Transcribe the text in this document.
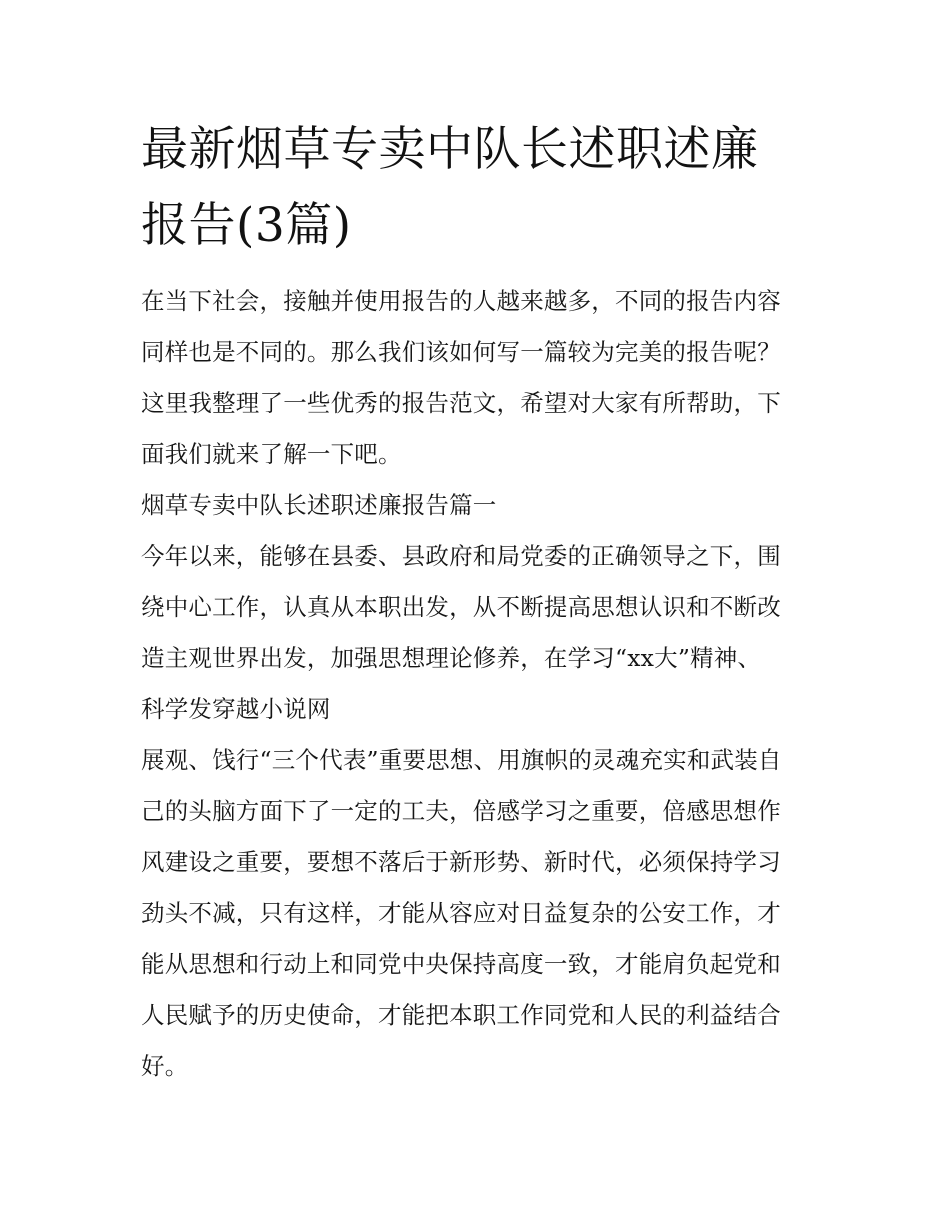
最新烟草专卖中队长述职述廉
报告(3篇)
在当下社会，接触并使用报告的人越来越多，不同的报告内容
同样也是不同的。那么我们该如何写一篇较为完美的报告呢？
这里我整理了一些优秀的报告范文，希望对大家有所帮助，下
面我们就来了解一下吧。
烟草专卖中队长述职述廉报告篇一
今年以来，能够在县委、县政府和局党委的正确领导之下，围
绕中心工作，认真从本职出发，从不断提高思想认识和不断改
造主观世界出发，加强思想理论修养，在学习“xx大”精神、
科学发穿越小说网
展观、饯行“三个代表”重要思想、用旗帜的灵魂充实和武装自
己的头脑方面下了一定的工夫，倍感学习之重要，倍感思想作
风建设之重要，要想不落后于新形势、新时代，必须保持学习
劲头不减，只有这样，才能从容应对日益复杂的公安工作，才
能从思想和行动上和同党中央保持高度一致，才能肩负起党和
人民赋予的历史使命，才能把本职工作同党和人民的利益结合
好。
